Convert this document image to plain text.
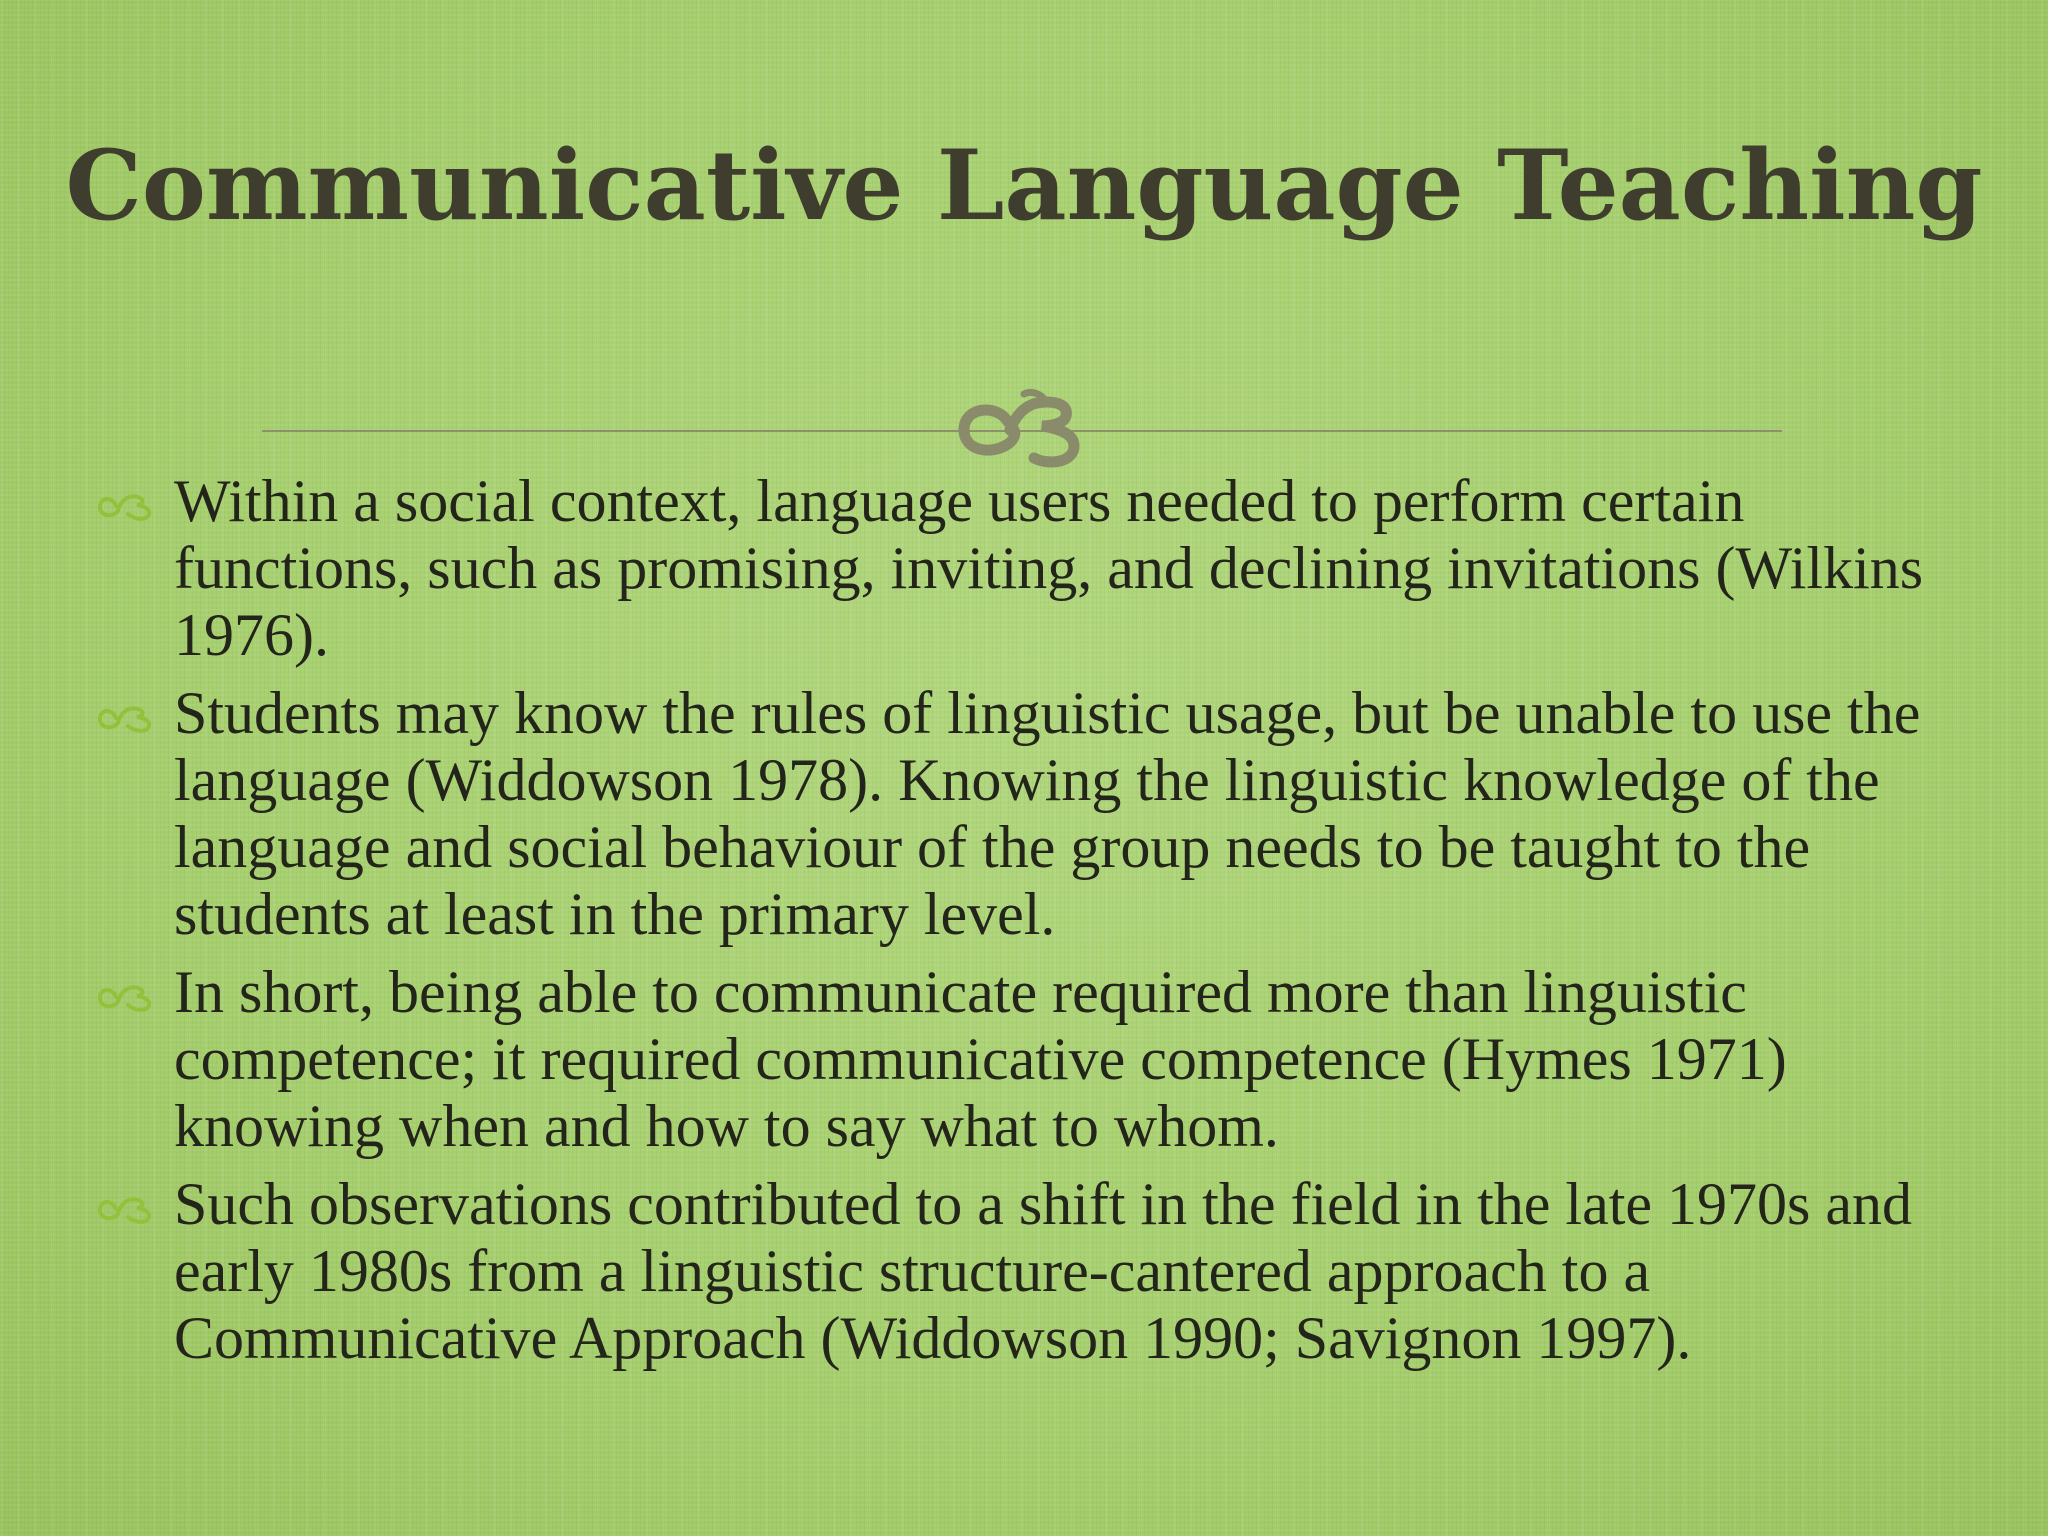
Communicative Language Teaching
Within a social context, language users needed to perform certain functions, such as promising, inviting, and declining invitations (Wilkins 1976).
Students may know the rules of linguistic usage, but be unable to use the language (Widdowson 1978). Knowing the linguistic knowledge of the language and social behaviour of the group needs to be taught to the students at least in the primary level.
In short, being able to communicate required more than linguistic competence; it required communicative competence (Hymes 1971) knowing when and how to say what to whom.
Such observations contributed to a shift in the field in the late 1970s and early 1980s from a linguistic structure-cantered approach to a Communicative Approach (Widdowson 1990; Savignon 1997).
